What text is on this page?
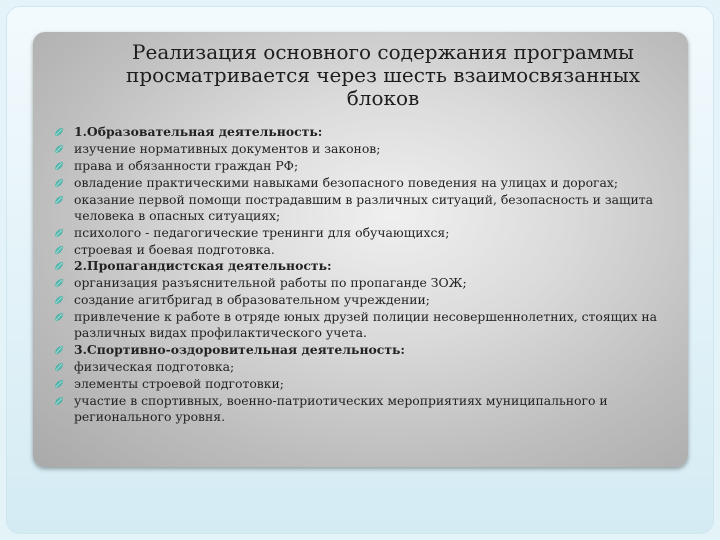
Реализация основного содержания программы просматривается через шесть взаимосвязанных блоков
1.Образовательная деятельность:
изучение нормативных документов и законов;
права и обязанности граждан РФ;
овладение практическими навыками безопасного поведения на улицах и дорогах;
оказание первой помощи пострадавшим в различных ситуаций, безопасность и защита человека в опасных ситуациях;
психолого - педагогические тренинги для обучающихся;
строевая и боевая подготовка.
2.Пропагандистская деятельность:
организация разъяснительной работы по пропаганде ЗОЖ;
создание агитбригад в образовательном учреждении;
привлечение к работе в отряде юных друзей полиции несовершеннолетних, стоящих на различных видах профилактического учета.
3.Спортивно-оздоровительная деятельность:
физическая подготовка;
элементы строевой подготовки;
участие в спортивных, военно-патриотических мероприятиях муниципального и регионального уровня.
